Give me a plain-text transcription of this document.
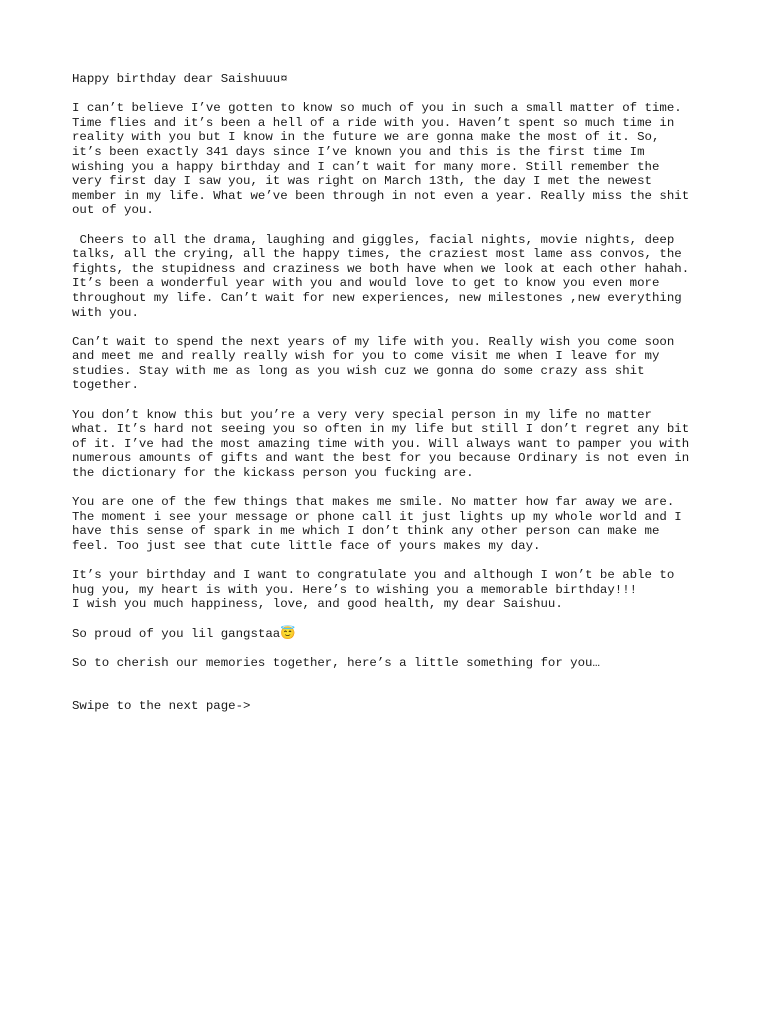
Happy birthday dear Saishuuu¤

I can’t believe I’ve gotten to know so much of you in such a small matter of time.
Time flies and it’s been a hell of a ride with you. Haven’t spent so much time in
reality with you but I know in the future we are gonna make the most of it. So,
it’s been exactly 341 days since I’ve known you and this is the first time Im
wishing you a happy birthday and I can’t wait for many more. Still remember the
very first day I saw you, it was right on March 13th, the day I met the newest
member in my life. What we’ve been through in not even a year. Really miss the shit
out of you.

Cheers to all the drama, laughing and giggles, facial nights, movie nights, deep
talks, all the crying, all the happy times, the craziest most lame ass convos, the
fights, the stupidness and craziness we both have when we look at each other hahah.
It’s been a wonderful year with you and would love to get to know you even more
throughout my life. Can’t wait for new experiences, new milestones ,new everything
with you.

Can’t wait to spend the next years of my life with you. Really wish you come soon
and meet me and really really wish for you to come visit me when I leave for my
studies. Stay with me as long as you wish cuz we gonna do some crazy ass shit
together.

You don’t know this but you’re a very very special person in my life no matter
what. It’s hard not seeing you so often in my life but still I don’t regret any bit
of it. I’ve had the most amazing time with you. Will always want to pamper you with
numerous amounts of gifts and want the best for you because Ordinary is not even in
the dictionary for the kickass person you fucking are.

You are one of the few things that makes me smile. No matter how far away we are.
The moment i see your message or phone call it just lights up my whole world and I
have this sense of spark in me which I don’t think any other person can make me
feel. Too just see that cute little face of yours makes my day.

It’s your birthday and I want to congratulate you and although I won’t be able to
hug you, my heart is with you. Here’s to wishing you a memorable birthday!!!
I wish you much happiness, love, and good health, my dear Saishuu.

So proud of you lil gangstaa😇

So to cherish our memories together, here’s a little something for you…

Swipe to the next page->
